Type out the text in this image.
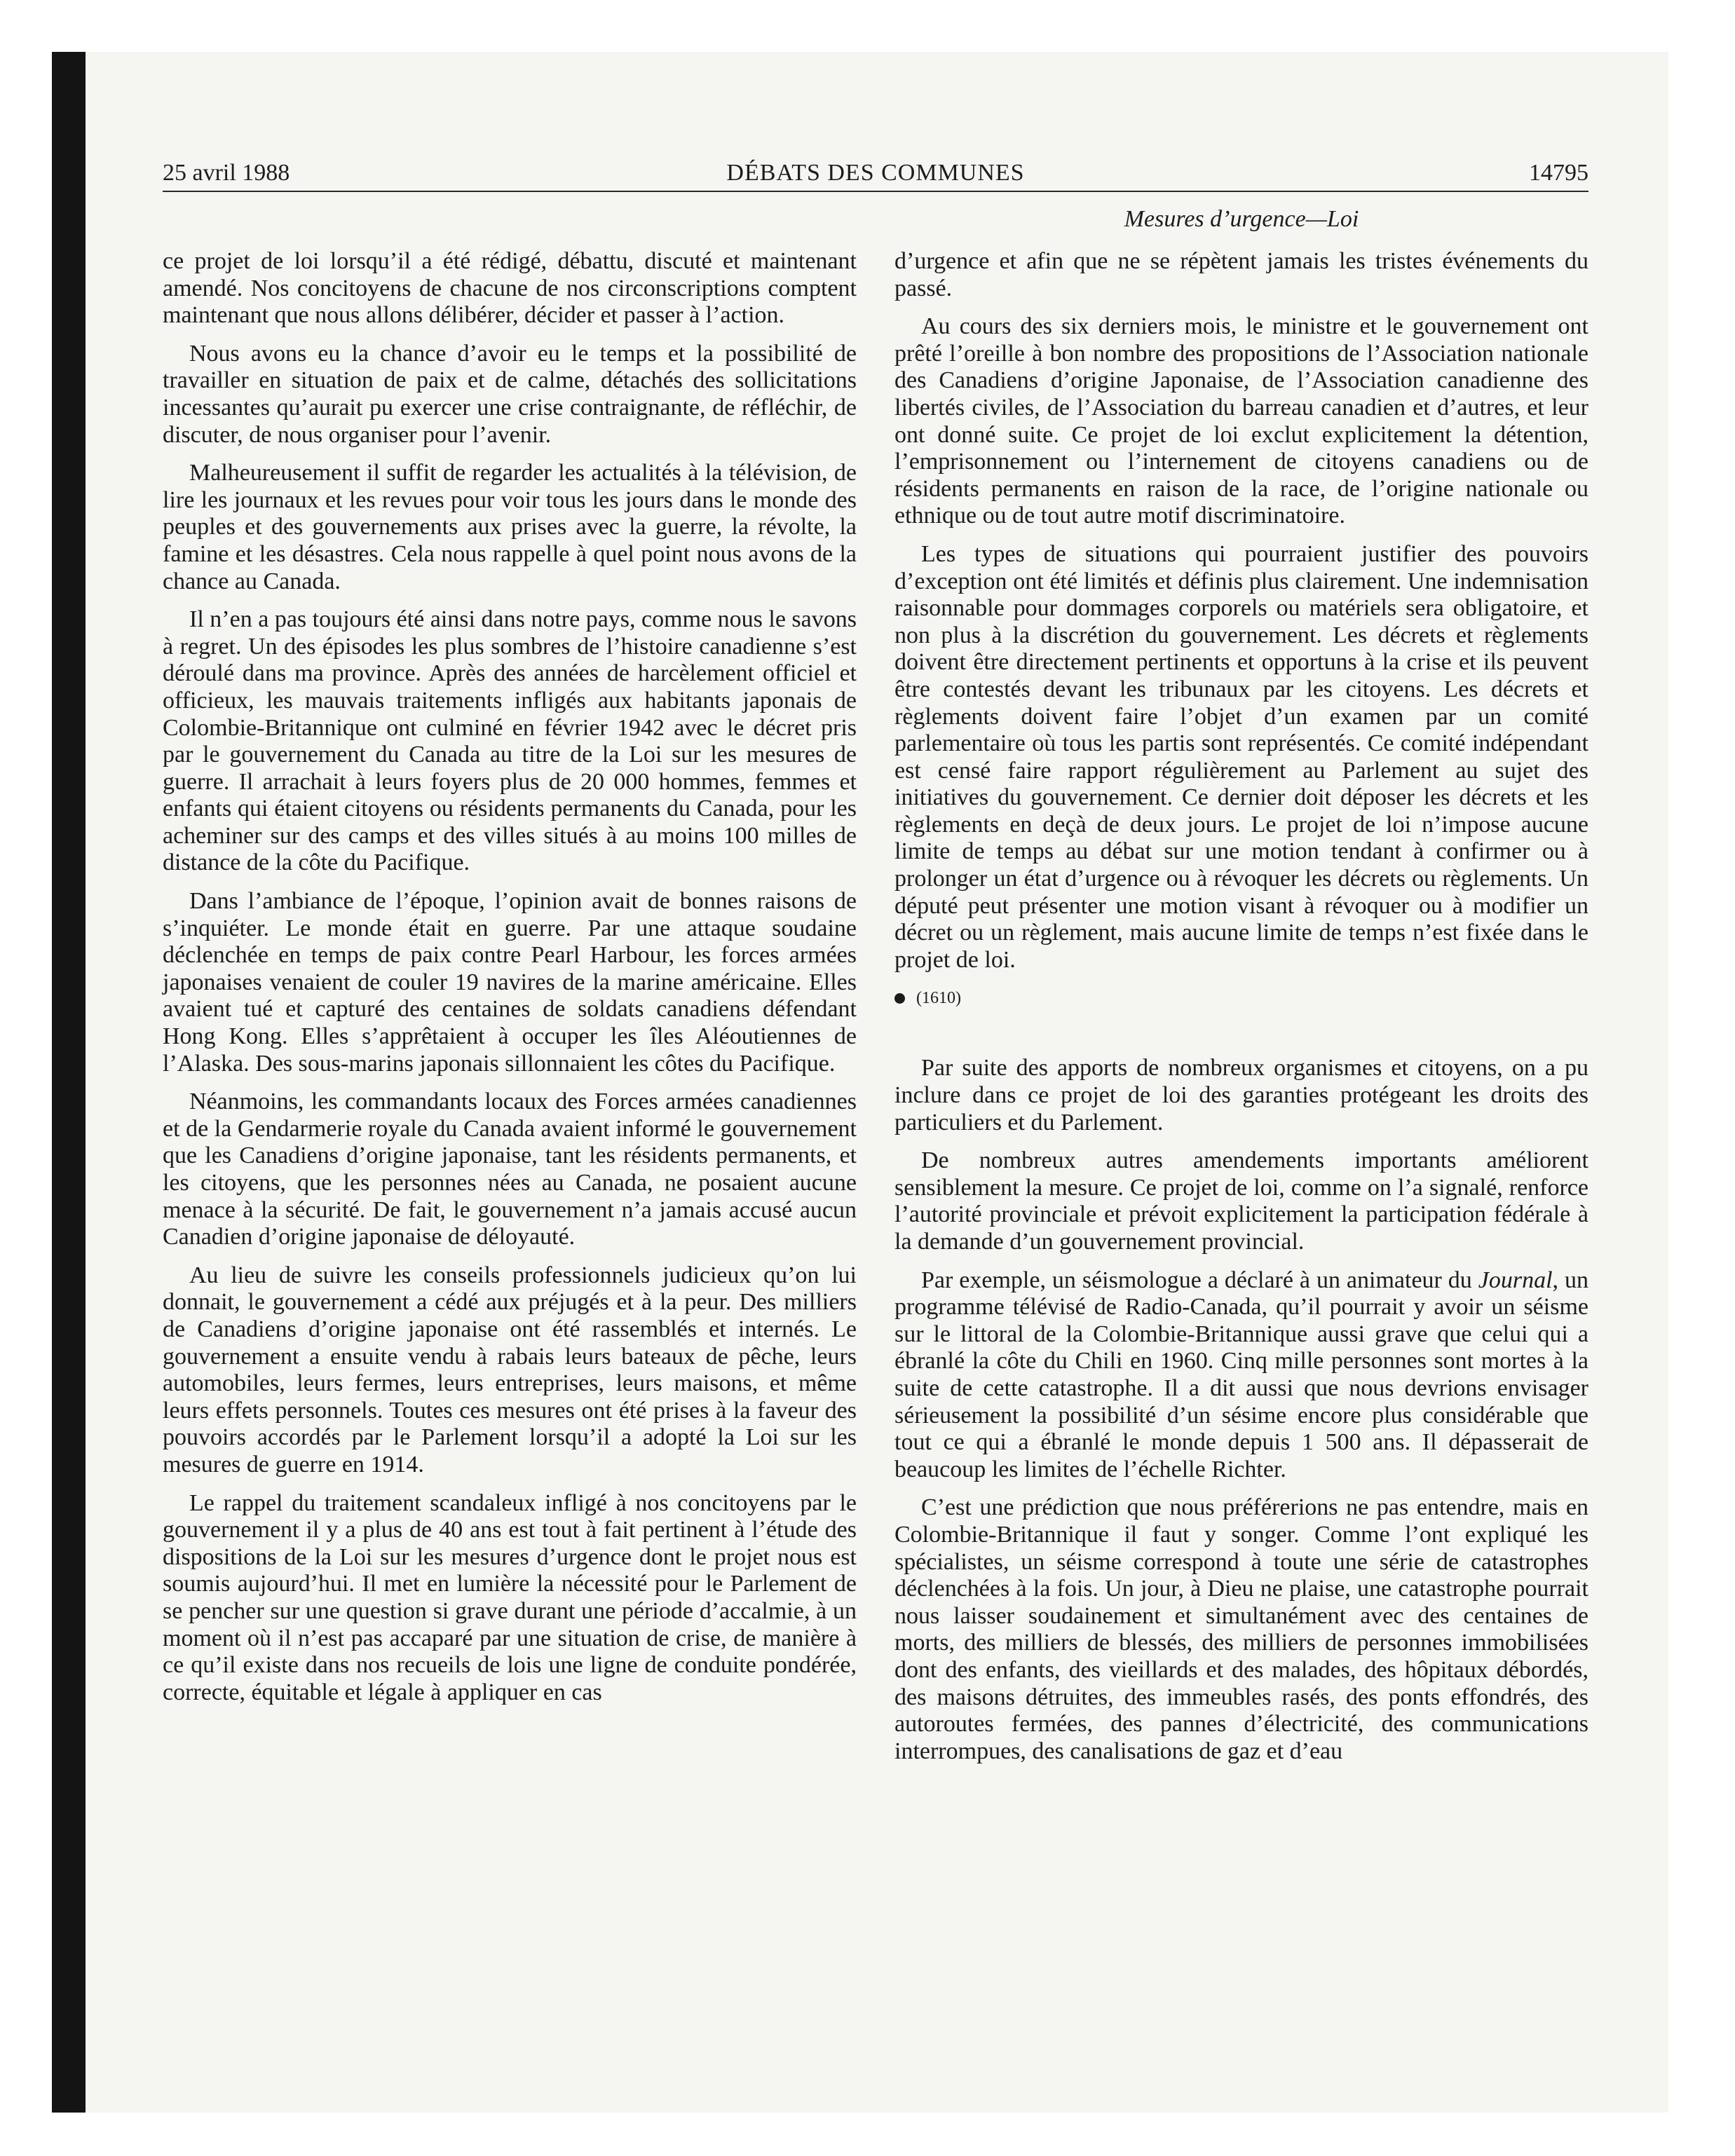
25 avril 1988	DÉBATS DES COMMUNES	14795
Mesures d’urgence—Loi

ce projet de loi lorsqu’il a été rédigé, débattu, discuté et maintenant amendé. Nos concitoyens de chacune de nos circonscriptions comptent maintenant que nous allons délibérer, décider et passer à l’action.

Nous avons eu la chance d’avoir eu le temps et la possibilité de travailler en situation de paix et de calme, détachés des sollicitations incessantes qu’aurait pu exercer une crise contraignante, de réfléchir, de discuter, de nous organiser pour l’avenir.

Malheureusement il suffit de regarder les actualités à la télévision, de lire les journaux et les revues pour voir tous les jours dans le monde des peuples et des gouvernements aux prises avec la guerre, la révolte, la famine et les désastres. Cela nous rappelle à quel point nous avons de la chance au Canada.

Il n’en a pas toujours été ainsi dans notre pays, comme nous le savons à regret. Un des épisodes les plus sombres de l’histoire canadienne s’est déroulé dans ma province. Après des années de harcèlement officiel et officieux, les mauvais traitements infligés aux habitants japonais de Colombie-Britannique ont culminé en février 1942 avec le décret pris par le gouvernement du Canada au titre de la Loi sur les mesures de guerre. Il arrachait à leurs foyers plus de 20 000 hommes, femmes et enfants qui étaient citoyens ou résidents permanents du Canada, pour les acheminer sur des camps et des villes situés à au moins 100 milles de distance de la côte du Pacifique.

Dans l’ambiance de l’époque, l’opinion avait de bonnes raisons de s’inquiéter. Le monde était en guerre. Par une attaque soudaine déclenchée en temps de paix contre Pearl Harbour, les forces armées japonaises venaient de couler 19 navires de la marine américaine. Elles avaient tué et capturé des centaines de soldats canadiens défendant Hong Kong. Elles s’apprêtaient à occuper les îles Aléoutiennes de l’Alaska. Des sous-marins japonais sillonnaient les côtes du Pacifique.

Néanmoins, les commandants locaux des Forces armées canadiennes et de la Gendarmerie royale du Canada avaient informé le gouvernement que les Canadiens d’origine japonaise, tant les résidents permanents, et les citoyens, que les personnes nées au Canada, ne posaient aucune menace à la sécurité. De fait, le gouvernement n’a jamais accusé aucun Canadien d’origine japonaise de déloyauté.

Au lieu de suivre les conseils professionnels judicieux qu’on lui donnait, le gouvernement a cédé aux préjugés et à la peur. Des milliers de Canadiens d’origine japonaise ont été rassemblés et internés. Le gouvernement a ensuite vendu à rabais leurs bateaux de pêche, leurs automobiles, leurs fermes, leurs entreprises, leurs maisons, et même leurs effets personnels. Toutes ces mesures ont été prises à la faveur des pouvoirs accordés par le Parlement lorsqu’il a adopté la Loi sur les mesures de guerre en 1914.

Le rappel du traitement scandaleux infligé à nos concitoyens par le gouvernement il y a plus de 40 ans est tout à fait pertinent à l’étude des dispositions de la Loi sur les mesures d’urgence dont le projet nous est soumis aujourd’hui. Il met en lumière la nécessité pour le Parlement de se pencher sur une question si grave durant une période d’accalmie, à un moment où il n’est pas accaparé par une situation de crise, de manière à ce qu’il existe dans nos recueils de lois une ligne de conduite pondérée, correcte, équitable et légale à appliquer en cas

d’urgence et afin que ne se répètent jamais les tristes événements du passé.

Au cours des six derniers mois, le ministre et le gouvernement ont prêté l’oreille à bon nombre des propositions de l’Association nationale des Canadiens d’origine Japonaise, de l’Association canadienne des libertés civiles, de l’Association du barreau canadien et d’autres, et leur ont donné suite. Ce projet de loi exclut explicitement la détention, l’emprisonnement ou l’internement de citoyens canadiens ou de résidents permanents en raison de la race, de l’origine nationale ou ethnique ou de tout autre motif discriminatoire.

Les types de situations qui pourraient justifier des pouvoirs d’exception ont été limités et définis plus clairement. Une indemnisation raisonnable pour dommages corporels ou matériels sera obligatoire, et non plus à la discrétion du gouvernement. Les décrets et règlements doivent être directement pertinents et opportuns à la crise et ils peuvent être contestés devant les tribunaux par les citoyens. Les décrets et règlements doivent faire l’objet d’un examen par un comité parlementaire où tous les partis sont représentés. Ce comité indépendant est censé faire rapport régulièrement au Parlement au sujet des initiatives du gouvernement. Ce dernier doit déposer les décrets et les règlements en deçà de deux jours. Le projet de loi n’impose aucune limite de temps au débat sur une motion tendant à confirmer ou à prolonger un état d’urgence ou à révoquer les décrets ou règlements. Un député peut présenter une motion visant à révoquer ou à modifier un décret ou un règlement, mais aucune limite de temps n’est fixée dans le projet de loi.

(1610)

Par suite des apports de nombreux organismes et citoyens, on a pu inclure dans ce projet de loi des garanties protégeant les droits des particuliers et du Parlement.

De nombreux autres amendements importants améliorent sensiblement la mesure. Ce projet de loi, comme on l’a signalé, renforce l’autorité provinciale et prévoit explicitement la participation fédérale à la demande d’un gouvernement provincial.

Par exemple, un séismologue a déclaré à un animateur du Journal, un programme télévisé de Radio-Canada, qu’il pourrait y avoir un séisme sur le littoral de la Colombie-Britannique aussi grave que celui qui a ébranlé la côte du Chili en 1960. Cinq mille personnes sont mortes à la suite de cette catastrophe. Il a dit aussi que nous devrions envisager sérieusement la possibilité d’un sésime encore plus considérable que tout ce qui a ébranlé le monde depuis 1 500 ans. Il dépasserait de beaucoup les limites de l’échelle Richter.

C’est une prédiction que nous préférerions ne pas entendre, mais en Colombie-Britannique il faut y songer. Comme l’ont expliqué les spécialistes, un séisme correspond à toute une série de catastrophes déclenchées à la fois. Un jour, à Dieu ne plaise, une catastrophe pourrait nous laisser soudainement et simultanément avec des centaines de morts, des milliers de blessés, des milliers de personnes immobilisées dont des enfants, des vieillards et des malades, des hôpitaux débordés, des maisons détruites, des immeubles rasés, des ponts effondrés, des autoroutes fermées, des pannes d’électricité, des communications interrompues, des canalisations de gaz et d’eau
